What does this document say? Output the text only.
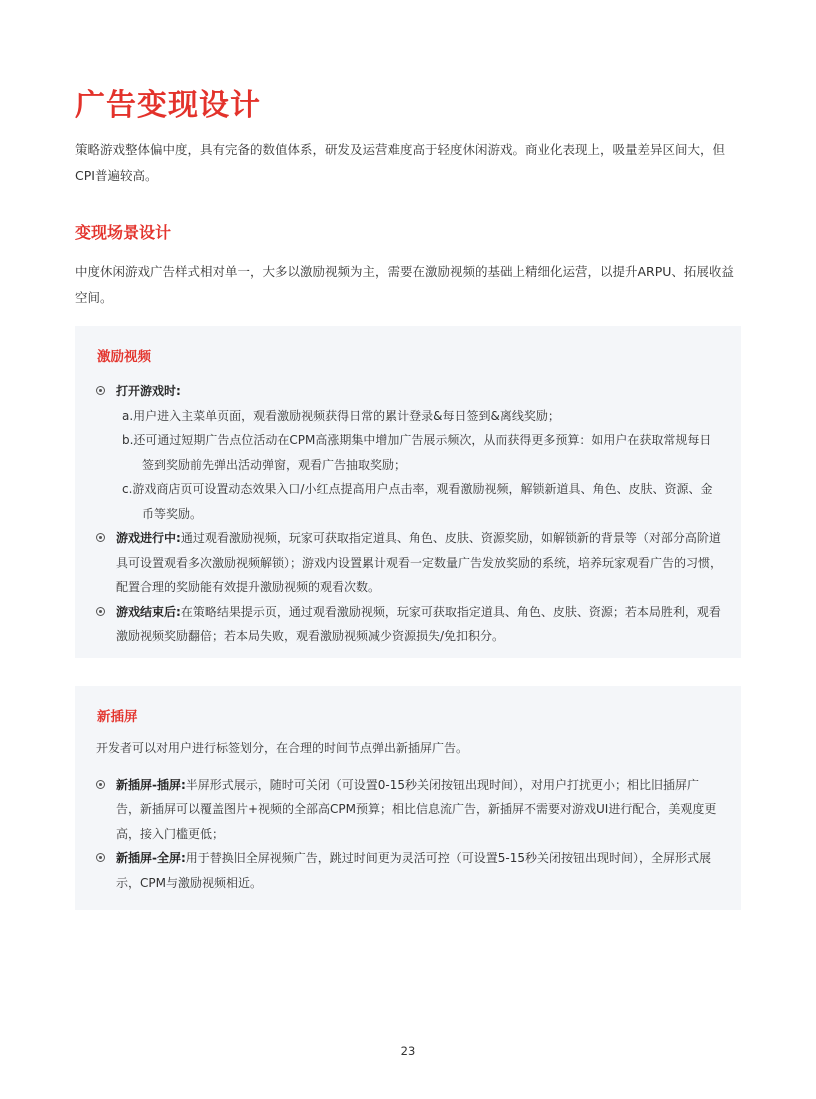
广告变现设计

策略游戏整体偏中度，具有完备的数值体系，研发及运营难度高于轻度休闲游戏。商业化表现上，吸量差异区间大，但CPI普遍较高。

变现场景设计

中度休闲游戏广告样式相对单一，大多以激励视频为主，需要在激励视频的基础上精细化运营，以提升ARPU、拓展收益空间。

激励视频
打开游戏时:
a.用户进入主菜单页面，观看激励视频获得日常的累计登录&每日签到&离线奖励；
b.还可通过短期广告点位活动在CPM高涨期集中增加广告展示频次，从而获得更多预算：如用户在获取常规每日签到奖励前先弹出活动弹窗，观看广告抽取奖励；
c.游戏商店页可设置动态效果入口/小红点提高用户点击率，观看激励视频，解锁新道具、角色、皮肤、资源、金币等奖励。
游戏进行中:通过观看激励视频，玩家可获取指定道具、角色、皮肤、资源奖励，如解锁新的背景等（对部分高阶道具可设置观看多次激励视频解锁）；游戏内设置累计观看一定数量广告发放奖励的系统，培养玩家观看广告的习惯，配置合理的奖励能有效提升激励视频的观看次数。
游戏结束后:在策略结果提示页，通过观看激励视频，玩家可获取指定道具、角色、皮肤、资源；若本局胜利，观看激励视频奖励翻倍；若本局失败，观看激励视频减少资源损失/免扣积分。
新插屏

开发者可以对用户进行标签划分，在合理的时间节点弹出新插屏广告。

新插屏-插屏:半屏形式展示，随时可关闭（可设置0-15秒关闭按钮出现时间），对用户打扰更小；相比旧插屏广告，新插屏可以覆盖图片+视频的全部高CPM预算；相比信息流广告，新插屏不需要对游戏UI进行配合，美观度更高，接入门槛更低；
新插屏-全屏:用于替换旧全屏视频广告，跳过时间更为灵活可控（可设置5-15秒关闭按钮出现时间），全屏形式展示，CPM与激励视频相近。
23
